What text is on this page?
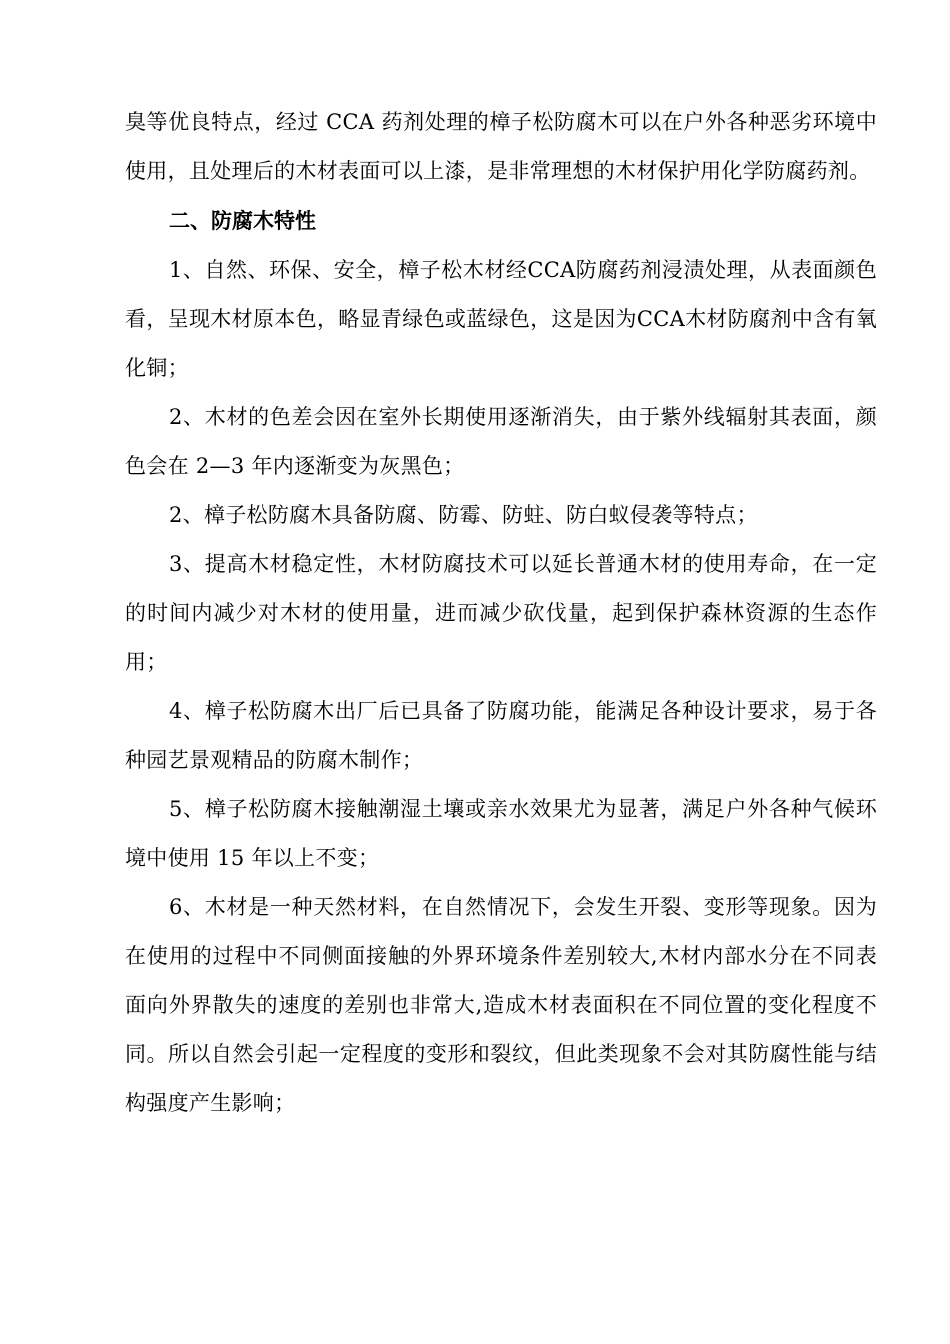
臭等优良特点，经过 CCA 药剂处理的樟子松防腐木可以在户外各种恶劣环境中使用，且处理后的木材表面可以上漆，是非常理想的木材保护用化学防腐药剂。

二、防腐木特性

1、自然、环保、安全，樟子松木材经CCA防腐药剂浸渍处理，从表面颜色看，呈现木材原本色，略显青绿色或蓝绿色，这是因为CCA木材防腐剂中含有氧化铜；

2、木材的色差会因在室外长期使用逐渐消失，由于紫外线辐射其表面，颜色会在 2—3 年内逐渐变为灰黑色；

2、樟子松防腐木具备防腐、防霉、防蛀、防白蚁侵袭等特点；

3、提高木材稳定性，木材防腐技术可以延长普通木材的使用寿命，在一定的时间内减少对木材的使用量，进而减少砍伐量，起到保护森林资源的生态作用；

4、樟子松防腐木出厂后已具备了防腐功能，能满足各种设计要求，易于各种园艺景观精品的防腐木制作；

5、樟子松防腐木接触潮湿土壤或亲水效果尤为显著，满足户外各种气候环境中使用 15 年以上不变；

6、木材是一种天然材料，在自然情况下，会发生开裂、变形等现象。因为在使用的过程中不同侧面接触的外界环境条件差别较大,木材内部水分在不同表面向外界散失的速度的差别也非常大,造成木材表面积在不同位置的变化程度不同。所以自然会引起一定程度的变形和裂纹，但此类现象不会对其防腐性能与结构强度产生影响；
